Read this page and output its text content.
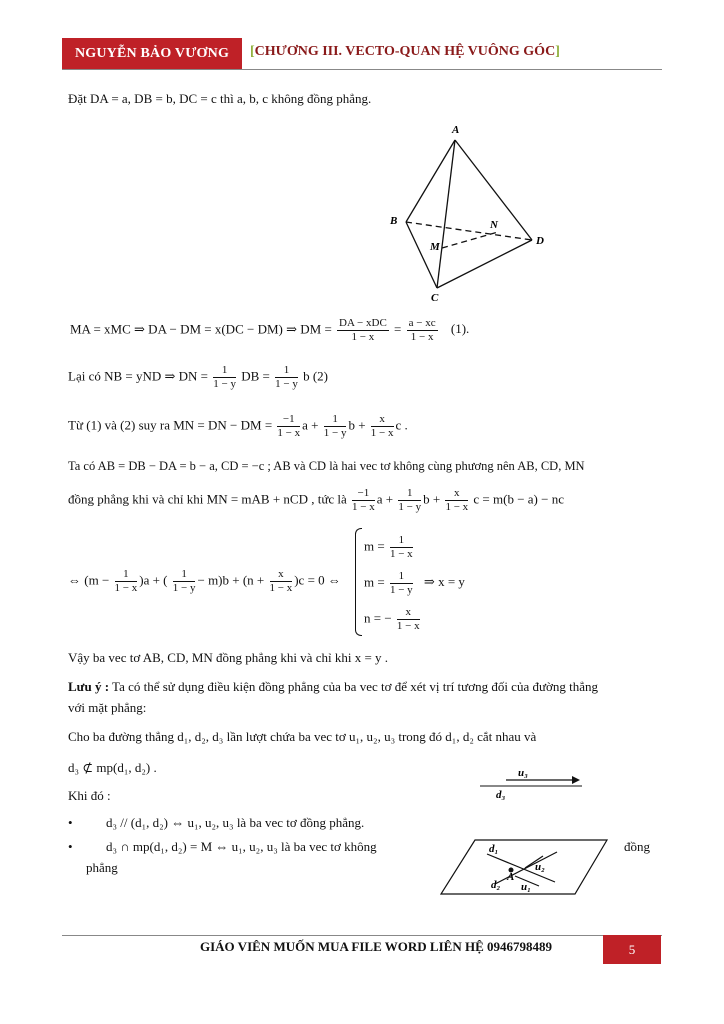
NGUYỄN BẢO VƯƠNG	[CHƯƠNG III. VECTO-QUAN HỆ VUÔNG GÓC]
Đặt DA = a, DB = b, DC = c thì a, b, c không đồng phẳng.
A
B
C
D
M
N
MA = xMC ⇒ DA − DM = x(DC − DM) ⇒ DM = $\frac{\text{DA − xDC}}{1 - x} = \frac{a - xc}{1 - x} (1)$.
Lại có NB = yND ⇒ DN = $\frac{1}{1 - y}$ DB = $\frac{1}{1 - y}$ b (2)
Từ (1) và (2) suy ra MN = DN − DM = $\frac{-1}{1 - x}$ $a + \frac{1}{1 - y}$ $b + \frac{x}{1 - x}$ c .
Ta có AB = DB − DA = b − a, CD = −c ; AB và CD là hai vec tơ không cùng phương nên AB, CD, MN
đồng phẳng khi và chỉ khi MN = mAB + nCD , tức là $\frac{-1}{1 - x}$ $a + \frac{1}{1 - y}$ $b + \frac{x}{1 - x}$ c = m(b − a) − nc
⇔ $(m - \frac{1}{1 - x} )a$ + ( $\frac{1}{1 - y} - m)b + (n + \frac{x}{1 - x} )c = 0$ ⇔
$m = \frac{1}{1 - x}$
$m = \frac{1}{1 - y}$ ⇒ x = y
n = − $\frac{x}{1 - x}$
Vậy ba vec tơ AB, CD, MN đồng phẳng khi và chỉ khi x = y .
Lưu ý : Ta có thể sử dụng điều kiện đồng phẳng của ba vec tơ để xét vị trí tương đối của đường thẳng
với mặt phẳng:
Cho ba đường thẳng d₁, d₂, d₃ lần lượt chứa ba vec tơ u₁, u₂, u₃ trong đó d₁, d₂ cắt nhau và
d₃ ⊄ mp(d₁, d₂) .
Khi đó :
u₃
d₃
•	d₃ // (d₁, d₂) ⇔ u₁, u₂, u₃ là ba vec tơ đồng phẳng.
•	d₃ ∩ mp(d₁, d₂) = M ⇔ u₁, u₂, u₃ là ba vec tơ không	đồng
phẳng
d₁
d₂
A
u₂
u₁
GIÁO VIÊN MUỐN MUA FILE WORD LIÊN HỆ 0946798489	5
